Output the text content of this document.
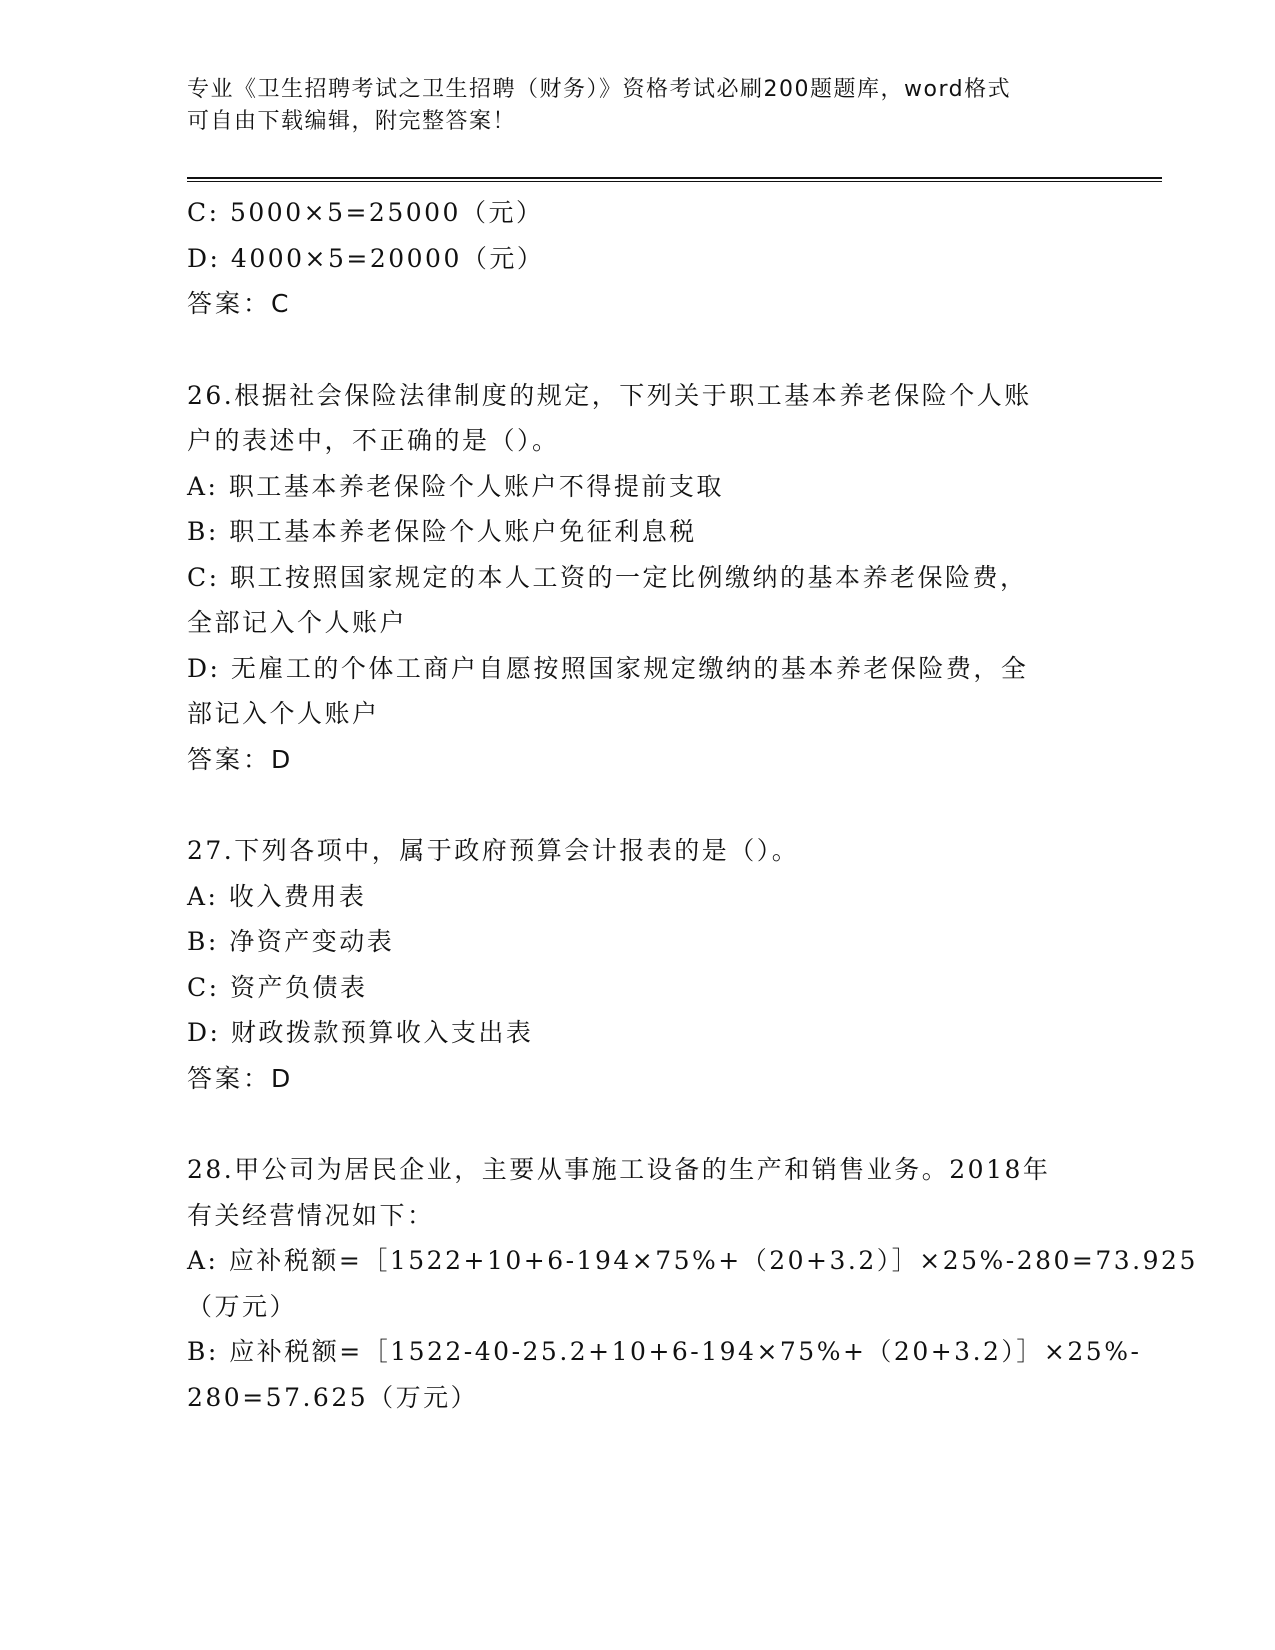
专业《卫生招聘考试之卫生招聘（财务）》资格考试必刷200题题库，word格式
可自由下载编辑，附完整答案！
C: 5000×5=25000（元）
D: 4000×5=20000（元）
答案：C
26.根据社会保险法律制度的规定，下列关于职工基本养老保险个人账
户的表述中，不正确的是（）。
A: 职工基本养老保险个人账户不得提前支取
B: 职工基本养老保险个人账户免征利息税
C: 职工按照国家规定的本人工资的一定比例缴纳的基本养老保险费，
全部记入个人账户
D: 无雇工的个体工商户自愿按照国家规定缴纳的基本养老保险费，全
部记入个人账户
答案：D
27.下列各项中，属于政府预算会计报表的是（）。
A: 收入费用表
B: 净资产变动表
C: 资产负债表
D: 财政拨款预算收入支出表
答案：D
28.甲公司为居民企业，主要从事施工设备的生产和销售业务。2018年
有关经营情况如下：
A: 应补税额=［1522+10+6-194×75%+（20+3.2）］×25%-280=73.925
（万元）
B: 应补税额=［1522-40-25.2+10+6-194×75%+（20+3.2）］×25%-
280=57.625（万元）
